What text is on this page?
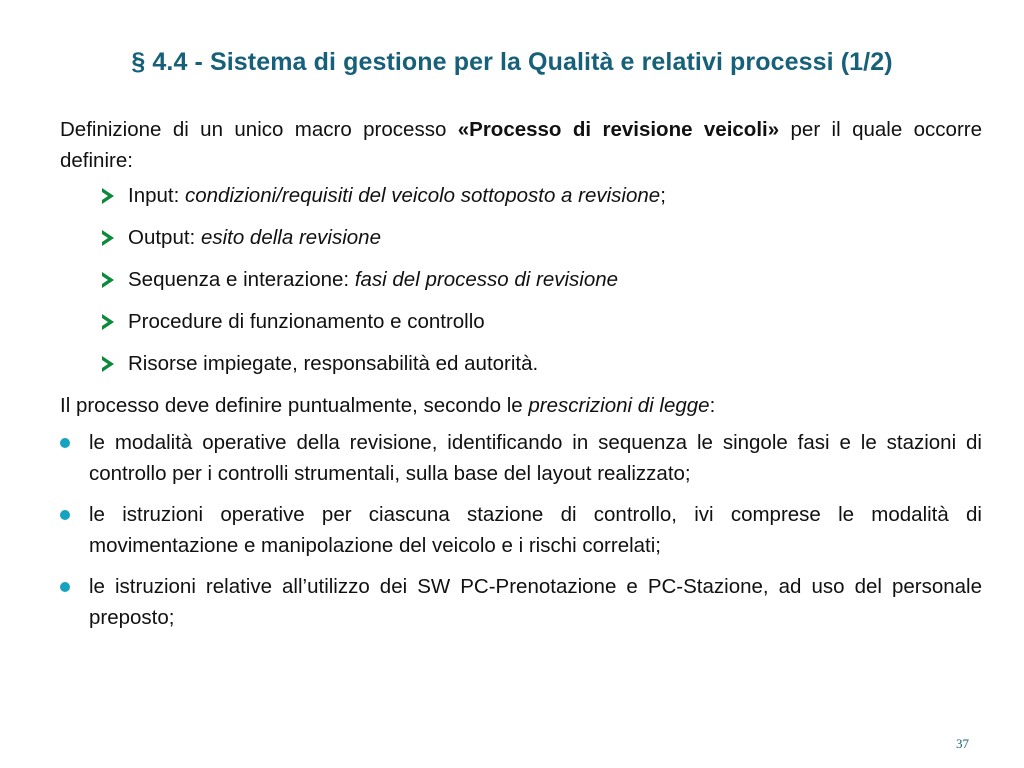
§ 4.4 - Sistema di gestione per la Qualità e relativi processi (1/2)

Definizione di un unico macro processo «Processo di revisione veicoli» per il quale occorre definire:

Input: condizioni/requisiti del veicolo sottoposto a revisione;
Output: esito della revisione
Sequenza e interazione: fasi del processo di revisione
Procedure di funzionamento e controllo
Risorse impiegate, responsabilità ed autorità.

Il processo deve definire puntualmente, secondo le prescrizioni di legge:

le modalità operative della revisione, identificando in sequenza le singole fasi e le stazioni di controllo per i controlli strumentali, sulla base del layout realizzato;
le istruzioni operative per ciascuna stazione di controllo, ivi comprese le modalità di movimentazione e manipolazione del veicolo e i rischi correlati;
le istruzioni relative all’utilizzo dei SW PC-Prenotazione e PC-Stazione, ad uso del personale preposto;
37
